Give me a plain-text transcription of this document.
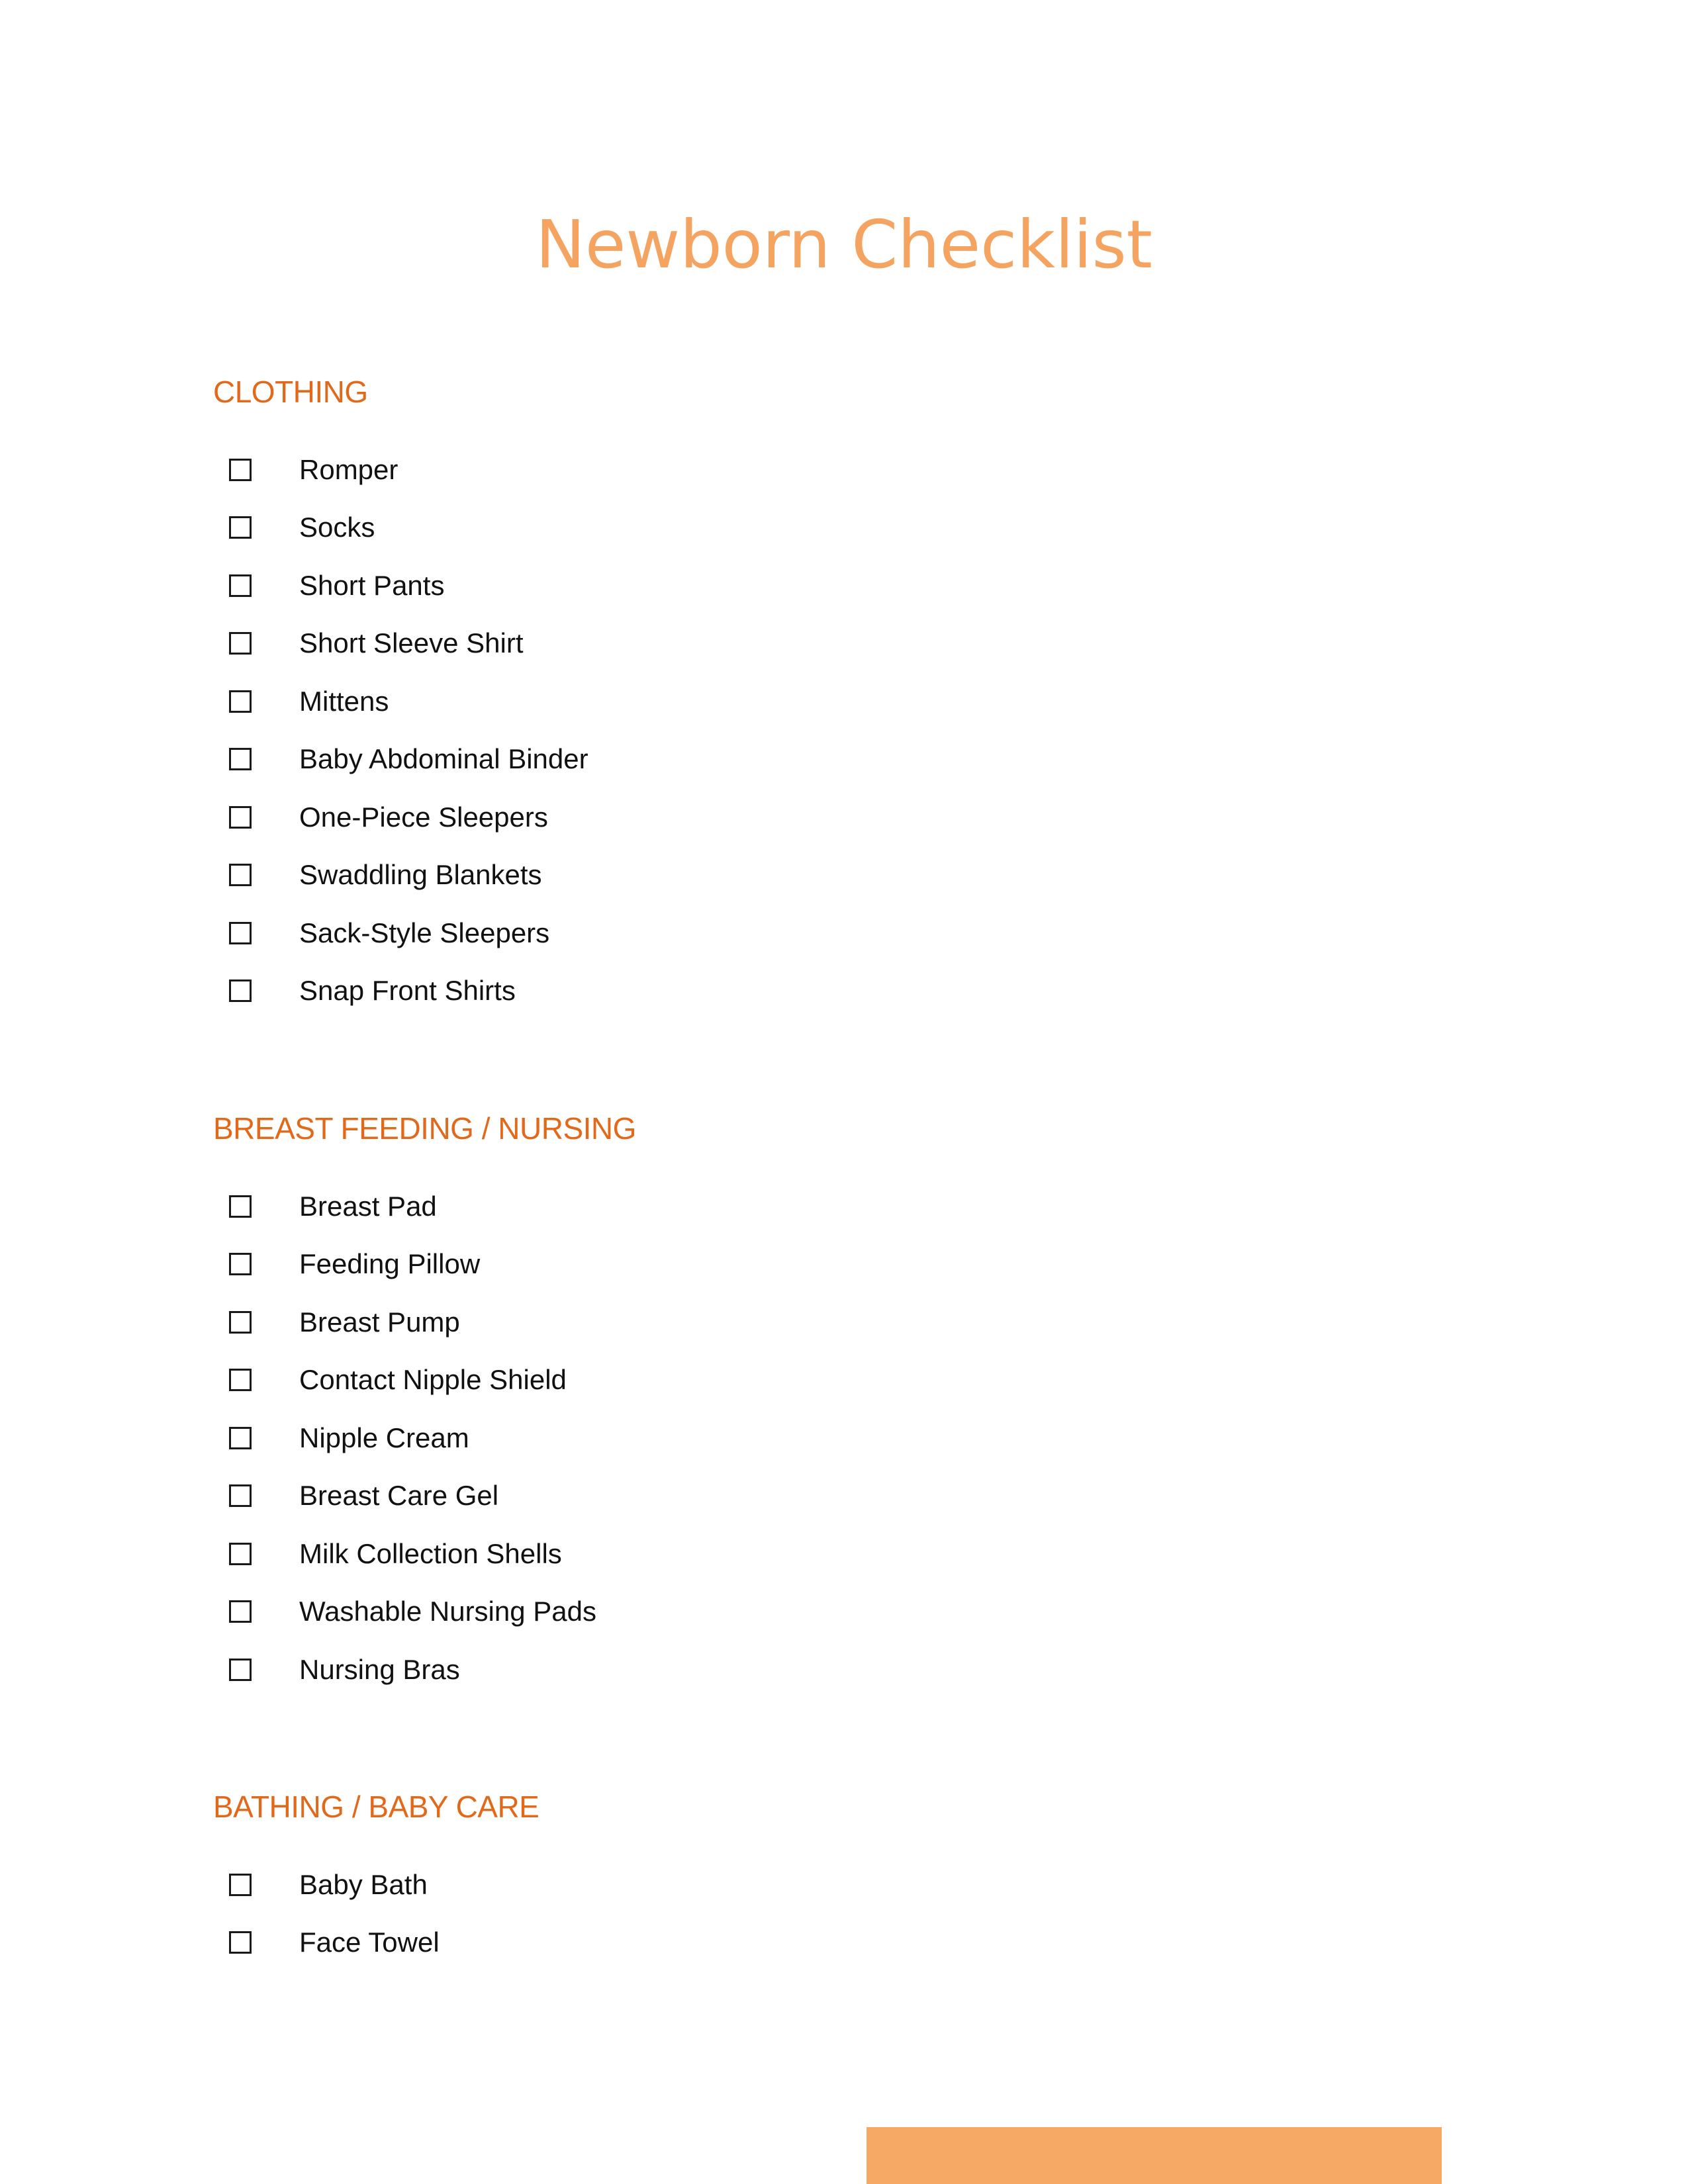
Newborn Checklist
CLOTHING
Romper
Socks
Short Pants
Short Sleeve Shirt
Mittens
Baby Abdominal Binder
One-Piece Sleepers
Swaddling Blankets
Sack-Style Sleepers
Snap Front Shirts
BREAST FEEDING / NURSING
Breast Pad
Feeding Pillow
Breast Pump
Contact Nipple Shield
Nipple Cream
Breast Care Gel
Milk Collection Shells
Washable Nursing Pads
Nursing Bras
BATHING / BABY CARE
Baby Bath
Face Towel
